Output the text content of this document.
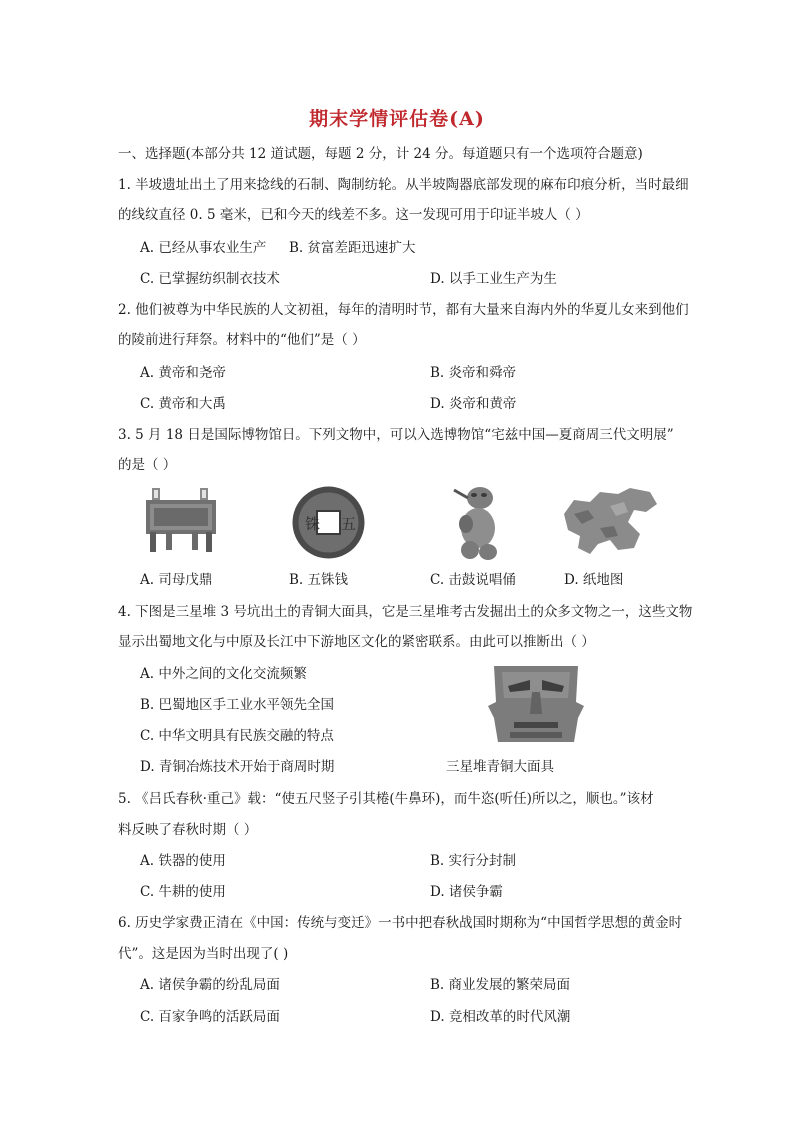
期末学情评估卷(A)
一、选择题(本部分共 12 道试题，每题 2 分，计 24 分。每道题只有一个选项符合题意)
1. 半坡遗址出土了用来捻线的石制、陶制纺轮。从半坡陶器底部发现的麻布印痕分析，当时最细
的线纹直径 0. 5 毫米，已和今天的线差不多。这一发现可用于印证半坡人（ ）
A. 已经从事农业生产 B. 贫富差距迅速扩大
C. 已掌握纺织制衣技术	D. 以手工业生产为生
2. 他们被尊为中华民族的人文初祖，每年的清明时节，都有大量来自海内外的华夏儿女来到他们
的陵前进行拜祭。材料中的“他们”是（ ）
A. 黄帝和尧帝	B. 炎帝和舜帝
C. 黄帝和大禹	D. 炎帝和黄帝
3. 5 月 18 日是国际博物馆日。下列文物中，可以入选博物馆“宅兹中国—夏商周三代文明展”
的是（ ）
铢 五
A. 司母戊鼎	B. 五铢钱	C. 击鼓说唱俑	D. 纸地图
4. 下图是三星堆 3 号坑出土的青铜大面具，它是三星堆考古发掘出土的众多文物之一，这些文物
显示出蜀地文化与中原及长江中下游地区文化的紧密联系。由此可以推断出（ ）
A. 中外之间的文化交流频繁
B. 巴蜀地区手工业水平领先全国
C. 中华文明具有民族交融的特点
D. 青铜冶炼技术开始于商周时期	三星堆青铜大面具
5. 《吕氏春秋·重己》载：“使五尺竖子引其棬(牛鼻环)，而牛恣(听任)所以之，顺也。”该材
料反映了春秋时期（ ）
A. 铁器的使用	B. 实行分封制
C. 牛耕的使用	D. 诸侯争霸
6. 历史学家费正清在《中国：传统与变迁》一书中把春秋战国时期称为“中国哲学思想的黄金时
代”。这是因为当时出现了( )
A. 诸侯争霸的纷乱局面	B. 商业发展的繁荣局面
C. 百家争鸣的活跃局面	D. 竞相改革的时代风潮
